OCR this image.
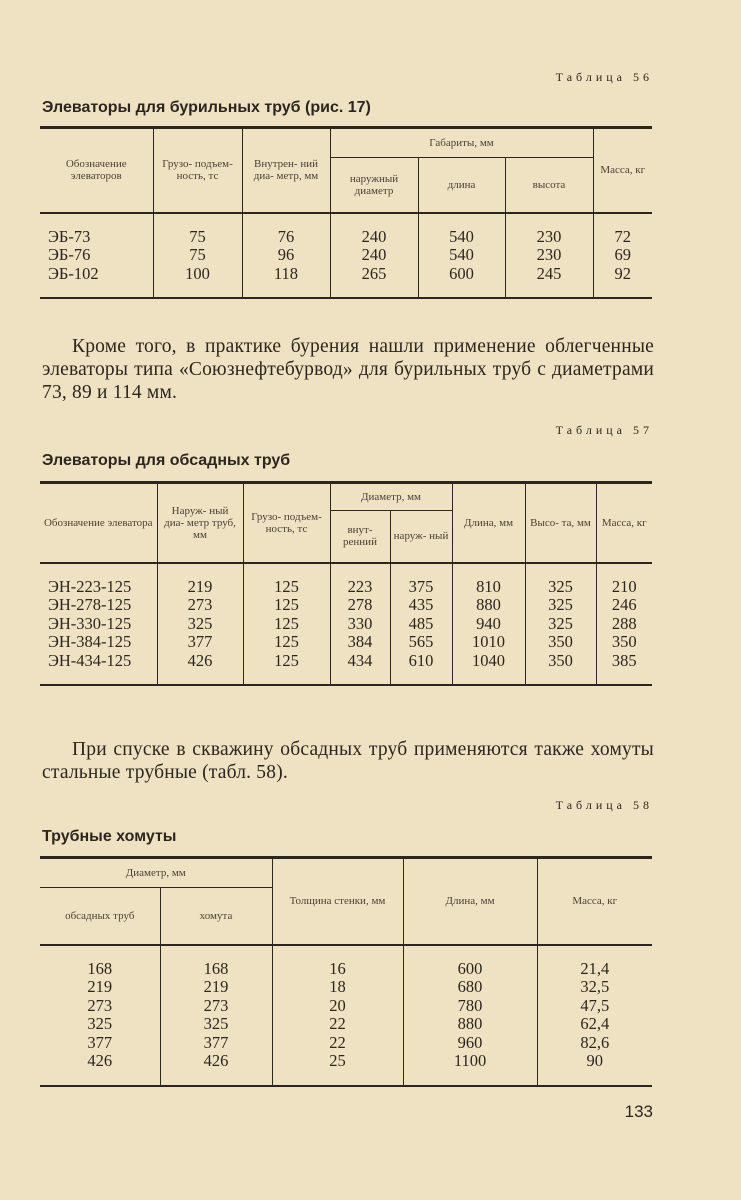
Таблица 56
Элеваторы для бурильных труб (рис. 17)
Обозначение элеваторов	Грузо- подъем- ность, тс	Внутрен- ний диа- метр, мм	Габариты, мм	Масса, кг
наружный диаметр	длина	высота

ЭБ-73	75	76	240	540	230	72
ЭБ-76	75	96	240	540	230	69
ЭБ-102	100	118	265	600	245	92

Кроме того, в практике бурения нашли применение облегченные элеваторы типа «Союзнефтебурвод» для бурильных труб с диаметрами 73, 89 и 114 мм.
Таблица 57
Элеваторы для обсадных труб
Обозначение элеватора	Наруж- ный диа- метр труб, мм	Грузо- подъем- ность, тс	Диаметр, мм	Длина, мм	Высо- та, мм	Масса, кг
внут- ренний	наруж- ный

ЭН-223-125	219	125	223	375	810	325	210
ЭН-278-125	273	125	278	435	880	325	246
ЭН-330-125	325	125	330	485	940	325	288
ЭН-384-125	377	125	384	565	1010	350	350
ЭН-434-125	426	125	434	610	1040	350	385

При спуске в скважину обсадных труб применяются также хомуты стальные трубные (табл. 58).
Таблица 58
Трубные хомуты
Диаметр, мм	Толщина стенки, мм	Длина, мм	Масса, кг
обсадных труб	хомута

168	168	16	600	21,4
219	219	18	680	32,5
273	273	20	780	47,5
325	325	22	880	62,4
377	377	22	960	82,6
426	426	25	1100	90

133
